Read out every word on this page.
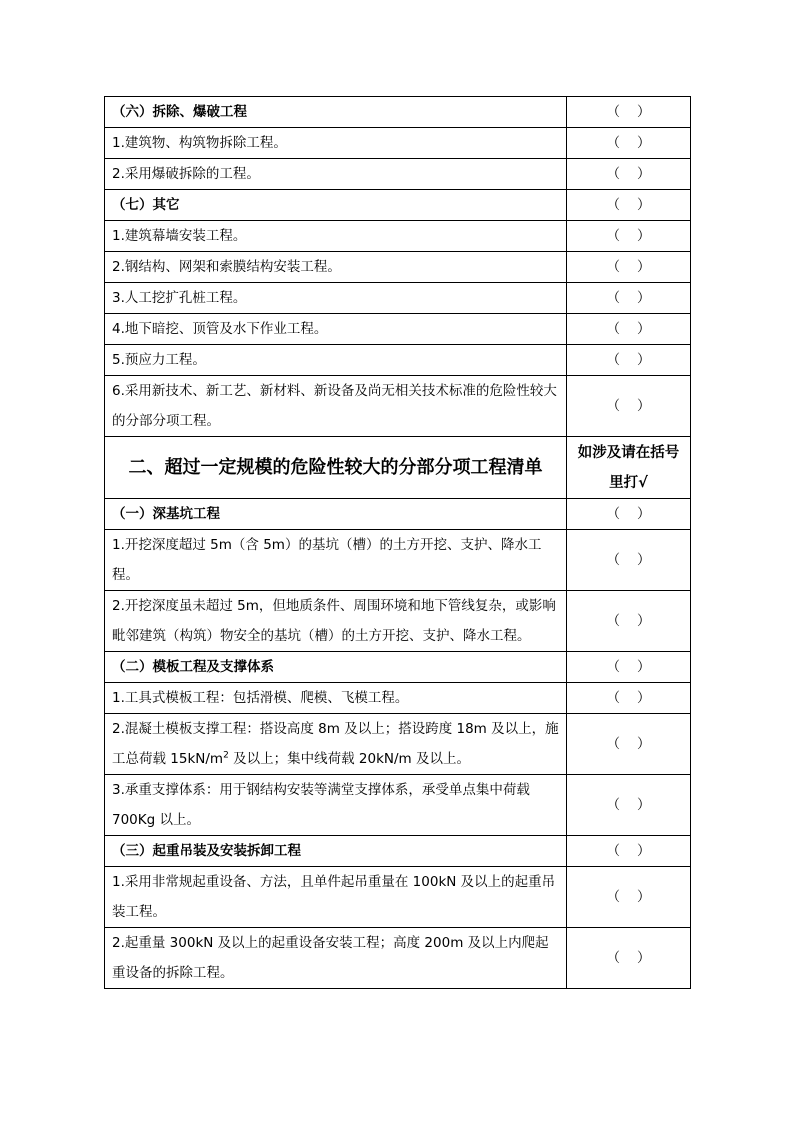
（六）拆除、爆破工程	（ ）
1.建筑物、构筑物拆除工程。	（ ）
2.采用爆破拆除的工程。	（ ）
（七）其它	（ ）
1.建筑幕墙安装工程。	（ ）
2.钢结构、网架和索膜结构安装工程。	（ ）
3.人工挖扩孔桩工程。	（ ）
4.地下暗挖、顶管及水下作业工程。	（ ）
5.预应力工程。	（ ）
6.采用新技术、新工艺、新材料、新设备及尚无相关技术标准的危险性较大的分部分项工程。	（ ）
二、超过一定规模的危险性较大的分部分项工程清单	如涉及请在括号里打√
（一）深基坑工程	（ ）
1.开挖深度超过 5m（含 5m）的基坑（槽）的土方开挖、支护、降水工程。	（ ）
2.开挖深度虽未超过 5m，但地质条件、周围环境和地下管线复杂，或影响毗邻建筑（构筑）物安全的基坑（槽）的土方开挖、支护、降水工程。	（ ）
（二）模板工程及支撑体系	（ ）
1.工具式模板工程：包括滑模、爬模、飞模工程。	（ ）
2.混凝土模板支撑工程：搭设高度 8m 及以上；搭设跨度 18m 及以上，施工总荷载 $15kN/m^2$ 及以上；集中线荷载 20kN/m 及以上。	（ ）
3.承重支撑体系：用于钢结构安装等满堂支撑体系，承受单点集中荷载 700Kg 以上。	（ ）
（三）起重吊装及安装拆卸工程	（ ）
1.采用非常规起重设备、方法，且单件起吊重量在 100kN 及以上的起重吊装工程。	（ ）
2.起重量 300kN 及以上的起重设备安装工程；高度 200m 及以上内爬起重设备的拆除工程。	（ ）
